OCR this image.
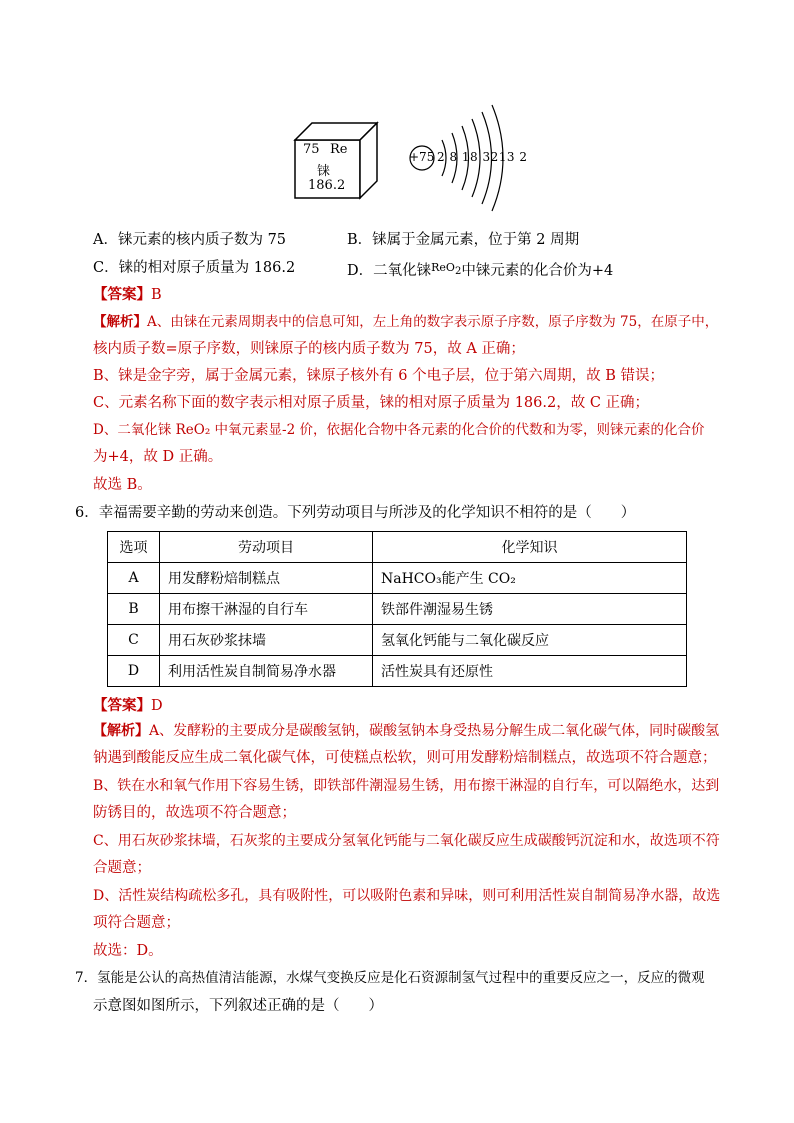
75 Re
铼
186.2
+75 2 8 18 3213 2
A．铼元素的核内质子数为 75	B．铼属于金属元素，位于第 2 周期
C．铼的相对原子质量为 186.2	D．二氧化铼$^{ReO_2}$中铼元素的化合价为+4
【答案】B
【解析】A、由铼在元素周期表中的信息可知，左上角的数字表示原子序数，原子序数为 75，在原子中，
核内质子数=原子序数，则铼原子的核内质子数为 75，故 A 正确；
B、铼是金字旁，属于金属元素，铼原子核外有 6 个电子层，位于第六周期，故 B 错误；
C、元素名称下面的数字表示相对原子质量，铼的相对原子质量为 186.2，故 C 正确；
D、二氧化铼 ReO₂ 中氧元素显-2 价，依据化合物中各元素的化合价的代数和为零，则铼元素的化合价
为+4，故 D 正确。
故选 B。
6．幸福需要辛勤的劳动来创造。下列劳动项目与所涉及的化学知识不相符的是（　　）
选项	劳动项目	化学知识
A	用发酵粉焙制糕点	NaHCO₃能产生 CO₂
B	用布擦干淋湿的自行车	铁部件潮湿易生锈
C	用石灰砂浆抹墙	氢氧化钙能与二氧化碳反应
D	利用活性炭自制简易净水器	活性炭具有还原性
【答案】D
【解析】A、发酵粉的主要成分是碳酸氢钠，碳酸氢钠本身受热易分解生成二氧化碳气体，同时碳酸氢
钠遇到酸能反应生成二氧化碳气体，可使糕点松软，则可用发酵粉焙制糕点，故选项不符合题意；
B、铁在水和氧气作用下容易生锈，即铁部件潮湿易生锈，用布擦干淋湿的自行车，可以隔绝水，达到
防锈目的，故选项不符合题意；
C、用石灰砂浆抹墙，石灰浆的主要成分氢氧化钙能与二氧化碳反应生成碳酸钙沉淀和水，故选项不符
合题意；
D、活性炭结构疏松多孔，具有吸附性，可以吸附色素和异味，则可利用活性炭自制简易净水器，故选
项符合题意；
故选：D。
7．氢能是公认的高热值清洁能源，水煤气变换反应是化石资源制氢气过程中的重要反应之一，反应的微观
示意图如图所示，下列叙述正确的是（　　）
